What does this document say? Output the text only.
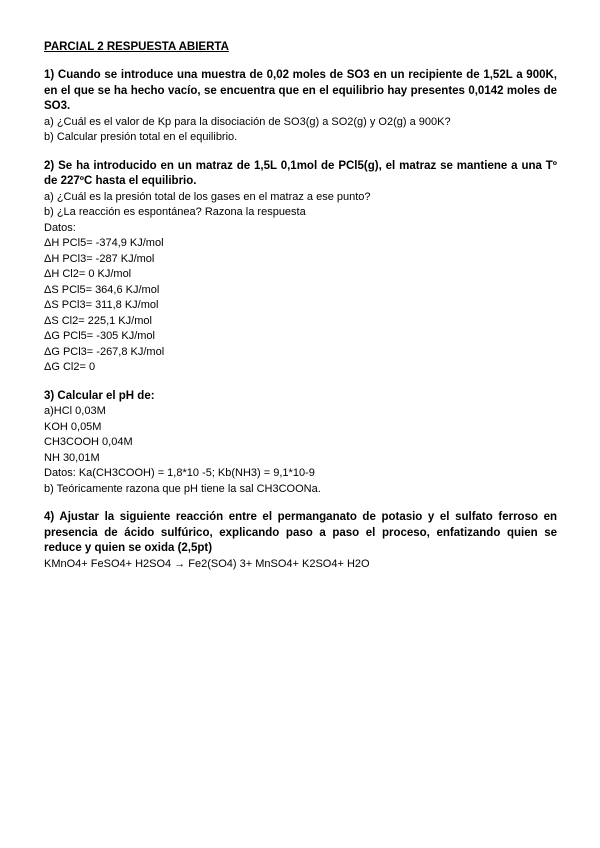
PARCIAL 2 RESPUESTA ABIERTA

1) Cuando se introduce una muestra de 0,02 moles de SO3 en un recipiente de 1,52L a 900K, en el que se ha hecho vacío, se encuentra que en el equilibrio hay presentes 0,0142 moles de SO3.

a) ¿Cuál es el valor de Kp para la disociación de SO3(g) a SO2(g) y O2(g) a 900K?

b) Calcular presión total en el equilibrio.

2) Se ha introducido en un matraz de 1,5L 0,1mol de PCl5(g), el matraz se mantiene a una Tº de 227ºC hasta el equilibrio.

a) ¿Cuál es la presión total de los gases en el matraz a ese punto?

b) ¿La reacción es espontánea? Razona la respuesta

Datos:

ΔH PCl5= -374,9 KJ/mol

ΔH PCl3= -287 KJ/mol

ΔH Cl2= 0 KJ/mol

ΔS PCl5= 364,6 KJ/mol

ΔS PCl3= 311,8 KJ/mol

ΔS Cl2= 225,1 KJ/mol

ΔG PCl5= -305 KJ/mol

ΔG PCl3= -267,8 KJ/mol

ΔG Cl2= 0

3) Calcular el pH de:

a)HCl 0,03M

KOH 0,05M

CH3COOH 0,04M

NH 30,01M

Datos: Ka(CH3COOH) = 1,8*10 -5; Kb(NH3) = 9,1*10-9

b) Teóricamente razona que pH tiene la sal CH3COONa.

4) Ajustar la siguiente reacción entre el permanganato de potasio y el sulfato ferroso en presencia de ácido sulfúrico, explicando paso a paso el proceso, enfatizando quien se reduce y quien se oxida (2,5pt)

KMnO4+ FeSO4+ H2SO4 → Fe2(SO4) 3+ MnSO4+ K2SO4+ H2O
